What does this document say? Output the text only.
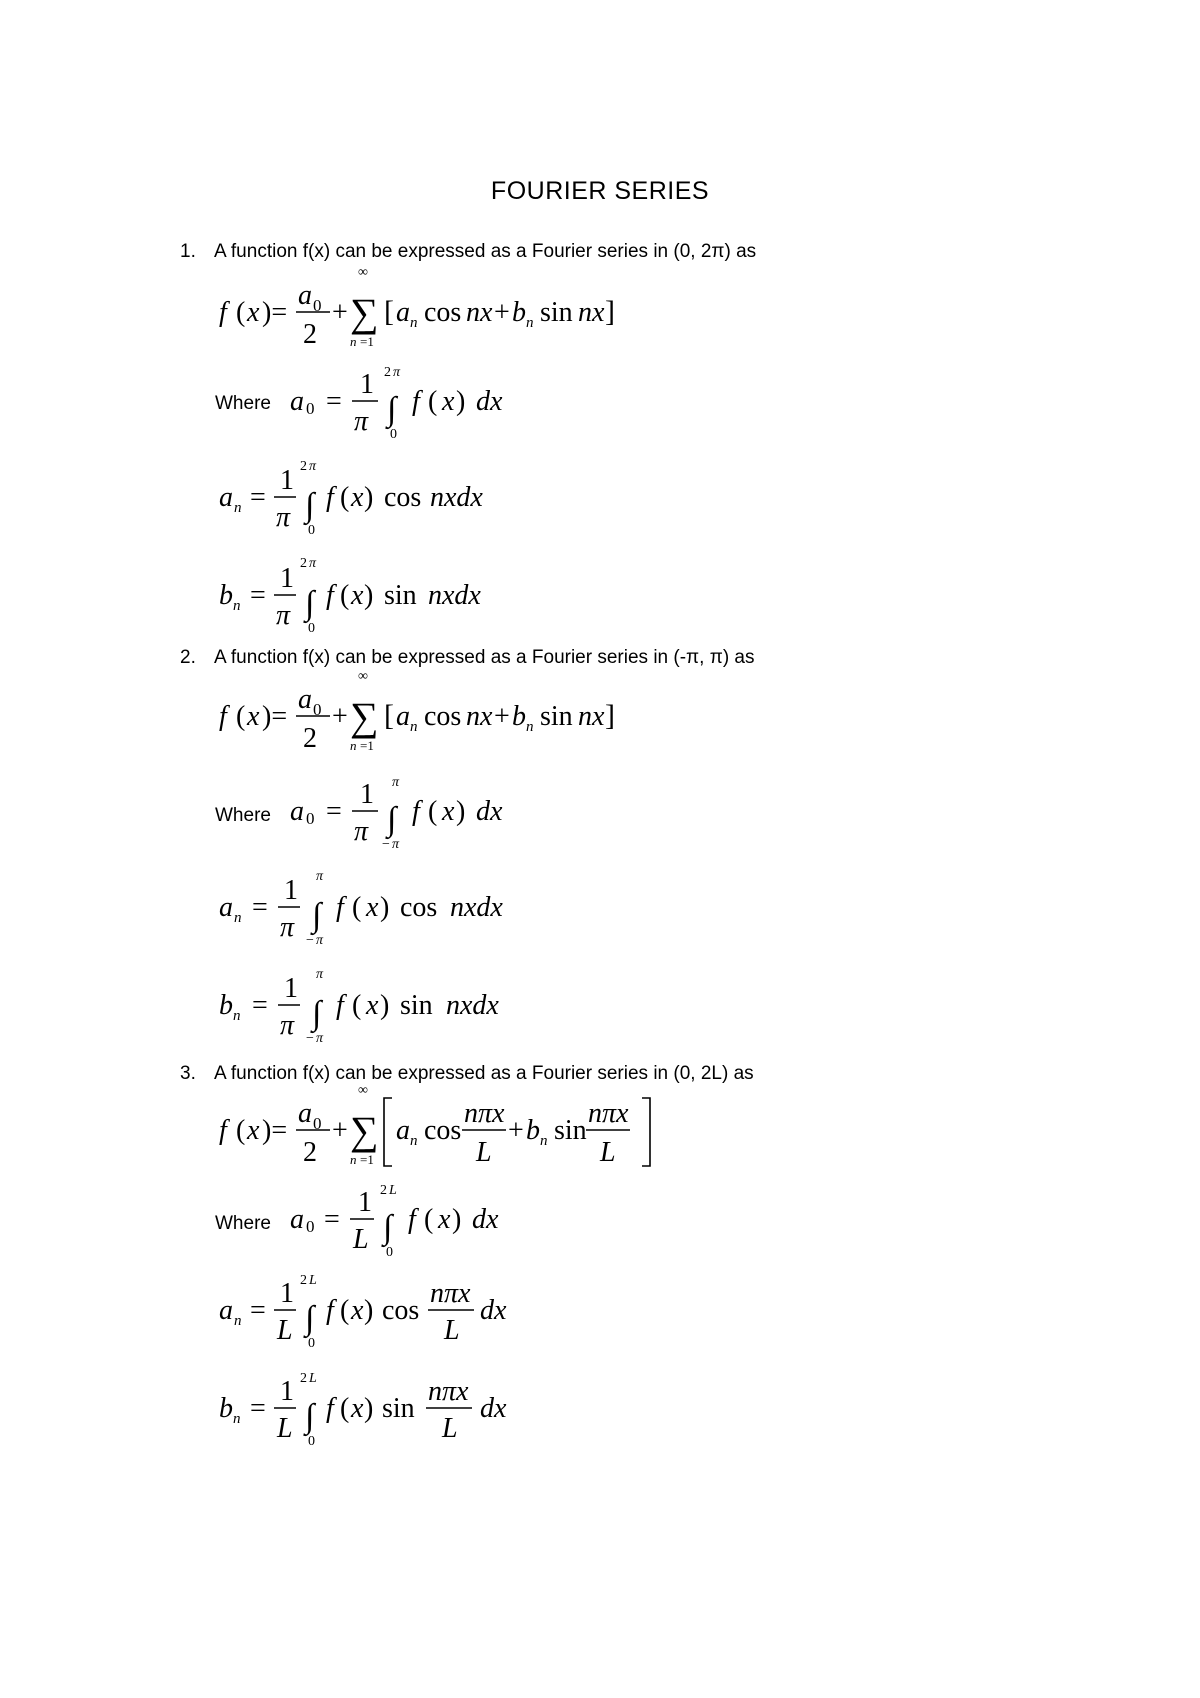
FOURIER SERIES
1. A function f(x) can be expressed as a Fourier series in (0, 2π) as
2. A function f(x) can be expressed as a Fourier series in (-π, π) as
3. A function f(x) can be expressed as a Fourier series in (0, 2L) as
Where
Where
Where
f ( x )=
a 0
2
+
∞
∑
n =1
[ a n cos nx + b n sin nx ]
a 0 =
1
π
2 π
∫
0
f ( x ) dx
a n =
1
π
2 π
∫
0
f ( x ) cos nxdx
b n =
1
π
2 π
∫
0
f ( x ) sin nxdx
f ( x )=
a 0
2
+
∞
∑
n =1
[ a n cos nx + b n sin nx ]
a 0 =
1
π
π
∫
− π
f ( x ) dx
a n =
1
π
π
∫
− π
f ( x ) cos nxdx
b n =
1
π
π
∫
− π
f ( x ) sin nxdx
f ( x )=
a 0
2
+
∞
∑
n =1
a n cos
nπx
L
+ b n sin
nπx
L
a 0 =
1
L
2 L
∫
0
f ( x ) dx
a n =
1
L
2 L
∫
0
f ( x ) cos
nπx
L
dx
b n =
1
L
2 L
∫
0
f ( x ) sin
nπx
L
dx
